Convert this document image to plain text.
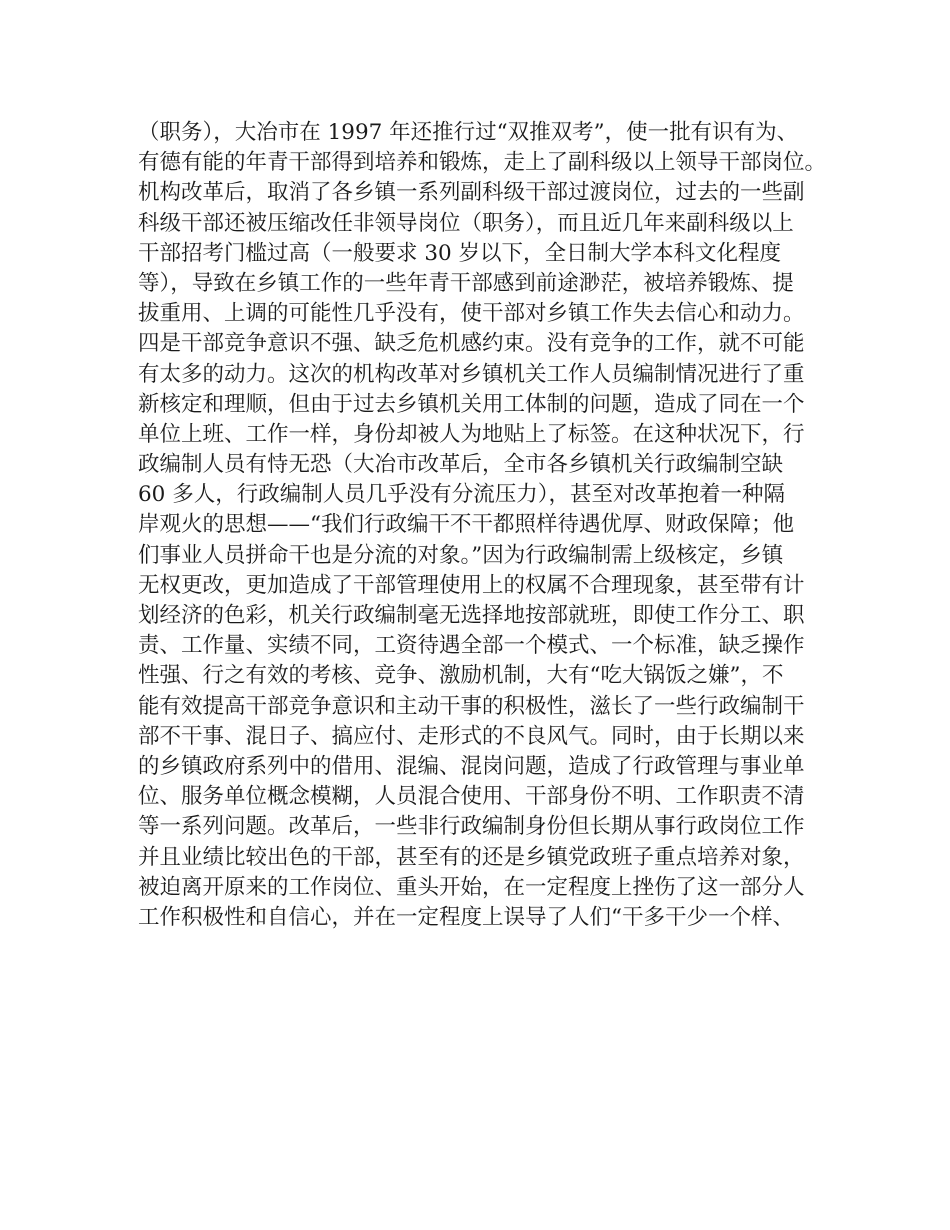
（职务），大冶市在 1997 年还推行过“双推双考”，使一批有识有为、
有德有能的年青干部得到培养和锻炼，走上了副科级以上领导干部岗位。
机构改革后，取消了各乡镇一系列副科级干部过渡岗位，过去的一些副
科级干部还被压缩改任非领导岗位（职务），而且近几年来副科级以上
干部招考门槛过高（一般要求 30 岁以下，全日制大学本科文化程度
等），导致在乡镇工作的一些年青干部感到前途渺茫，被培养锻炼、提
拔重用、上调的可能性几乎没有，使干部对乡镇工作失去信心和动力。
四是干部竞争意识不强、缺乏危机感约束。没有竞争的工作，就不可能
有太多的动力。这次的机构改革对乡镇机关工作人员编制情况进行了重
新核定和理顺，但由于过去乡镇机关用工体制的问题，造成了同在一个
单位上班、工作一样，身份却被人为地贴上了标签。在这种状况下，行
政编制人员有恃无恐（大冶市改革后，全市各乡镇机关行政编制空缺
60 多人，行政编制人员几乎没有分流压力），甚至对改革抱着一种隔
岸观火的思想——“我们行政编干不干都照样待遇优厚、财政保障；他
们事业人员拼命干也是分流的对象。”因为行政编制需上级核定，乡镇
无权更改，更加造成了干部管理使用上的权属不合理现象，甚至带有计
划经济的色彩，机关行政编制毫无选择地按部就班，即使工作分工、职
责、工作量、实绩不同，工资待遇全部一个模式、一个标准，缺乏操作
性强、行之有效的考核、竞争、激励机制，大有“吃大锅饭之嫌”，不
能有效提高干部竞争意识和主动干事的积极性，滋长了一些行政编制干
部不干事、混日子、搞应付、走形式的不良风气。同时，由于长期以来
的乡镇政府系列中的借用、混编、混岗问题，造成了行政管理与事业单
位、服务单位概念模糊，人员混合使用、干部身份不明、工作职责不清
等一系列问题。改革后，一些非行政编制身份但长期从事行政岗位工作
并且业绩比较出色的干部，甚至有的还是乡镇党政班子重点培养对象，
被迫离开原来的工作岗位、重头开始，在一定程度上挫伤了这一部分人
工作积极性和自信心，并在一定程度上误导了人们“干多干少一个样、
